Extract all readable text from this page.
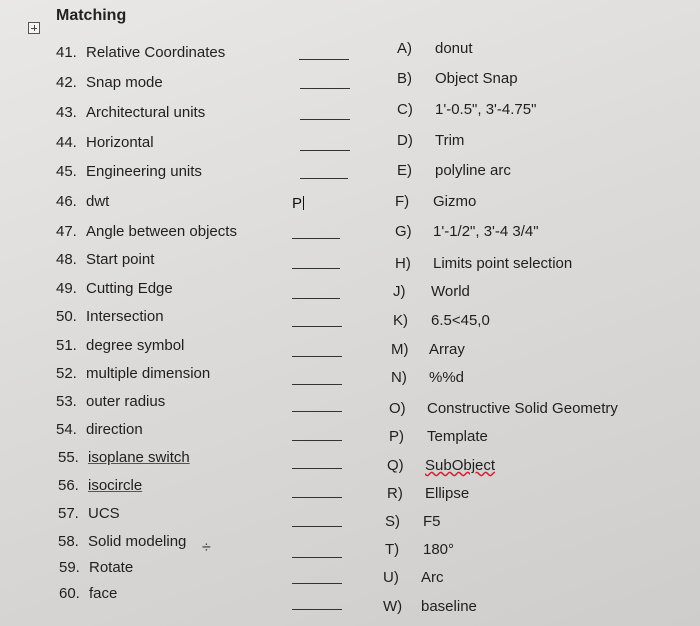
Matching
41. Relative Coordinates
42. Snap mode
43. Architectural units
44. Horizontal
45. Engineering units
46. dwt
47. Angle between objects
48. Start point
49. Cutting Edge
50. Intersection
51. degree symbol
52. multiple dimension
53. outer radius
54. direction
55. isoplane switch
56. isocircle
57. UCS
58. Solid modeling
59. Rotate
60. face
A) donut
B) Object Snap
C) 1'-0.5", 3'-4.75"
D) Trim
E) polyline arc
F) Gizmo
G) 1'-1/2", 3'-4 3/4"
H) Limits point selection
J) World
K) 6.5<45,0
M) Array
N) %%d
O) Constructive Solid Geometry
P) Template
Q) SubObject
R) Ellipse
S) F5
T) 180°
U) Arc
W) baseline
P
÷
